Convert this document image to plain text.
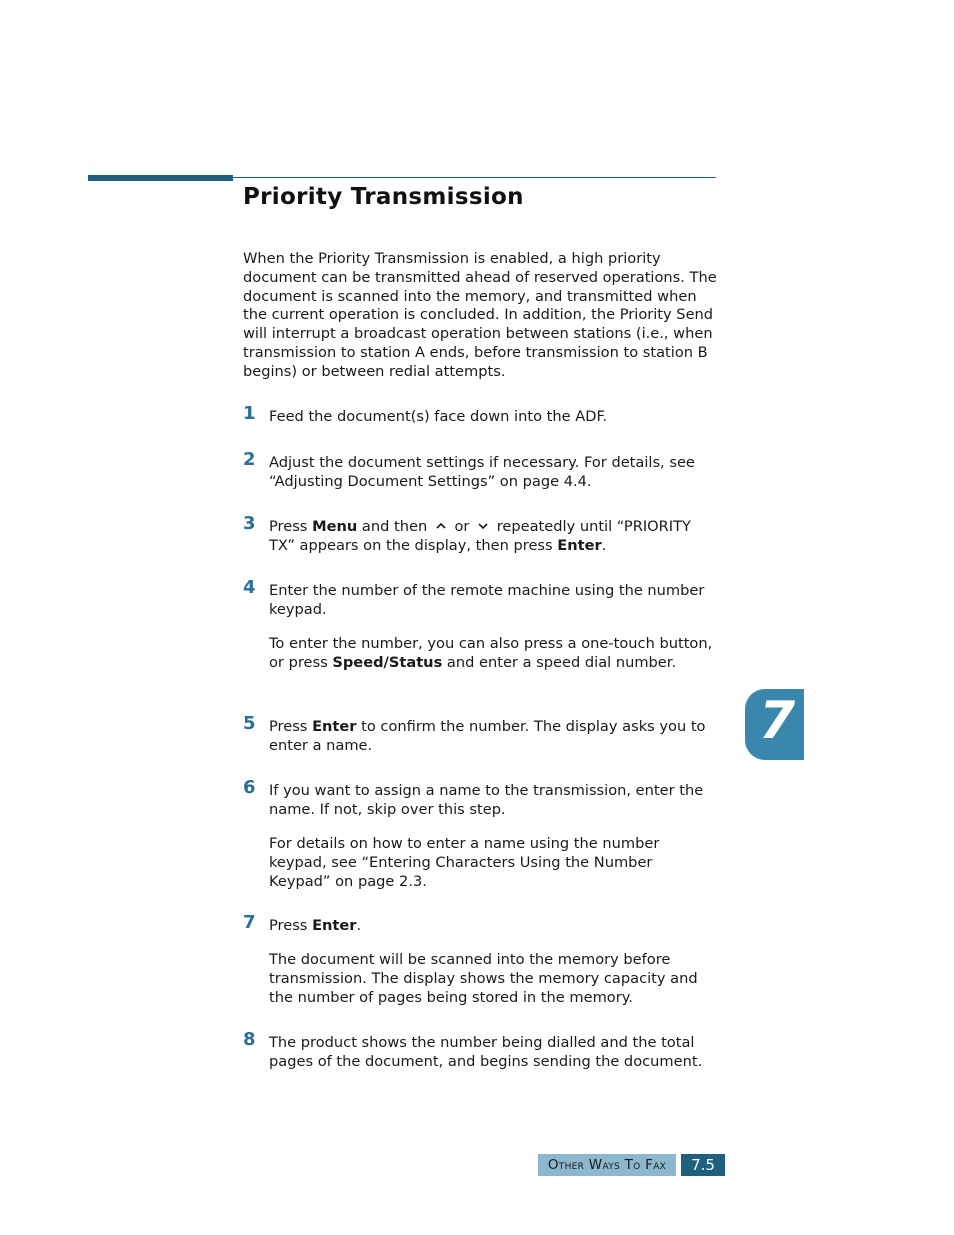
Priority Transmission

When the Priority Transmission is enabled, a high priority document can be transmitted ahead of reserved operations. The document is scanned into the memory, and transmitted when the current operation is concluded. In addition, the Priority Send will interrupt a broadcast operation between stations (i.e., when transmission to station A ends, before transmission to station B begins) or between redial attempts.

1 Feed the document(s) face down into the ADF.

2 Adjust the document settings if necessary. For details, see “Adjusting Document Settings” on page 4.4.

3 Press Menu and then
or
repeatedly until “PRIORITY TX” appears on the display, then press Enter.

4 Enter the number of the remote machine using the number keypad.

To enter the number, you can also press a one-touch button, or press Speed/Status and enter a speed dial number.

5 Press Enter to confirm the number. The display asks you to enter a name.

6 If you want to assign a name to the transmission, enter the name. If not, skip over this step.

For details on how to enter a name using the number keypad, see “Entering Characters Using the Number Keypad” on page 2.3.

7 Press Enter.

The document will be scanned into the memory before transmission. The display shows the memory capacity and the number of pages being stored in the memory.

8 The product shows the number being dialled and the total pages of the document, and begins sending the document.

7
Other Ways To Fax	7.5
